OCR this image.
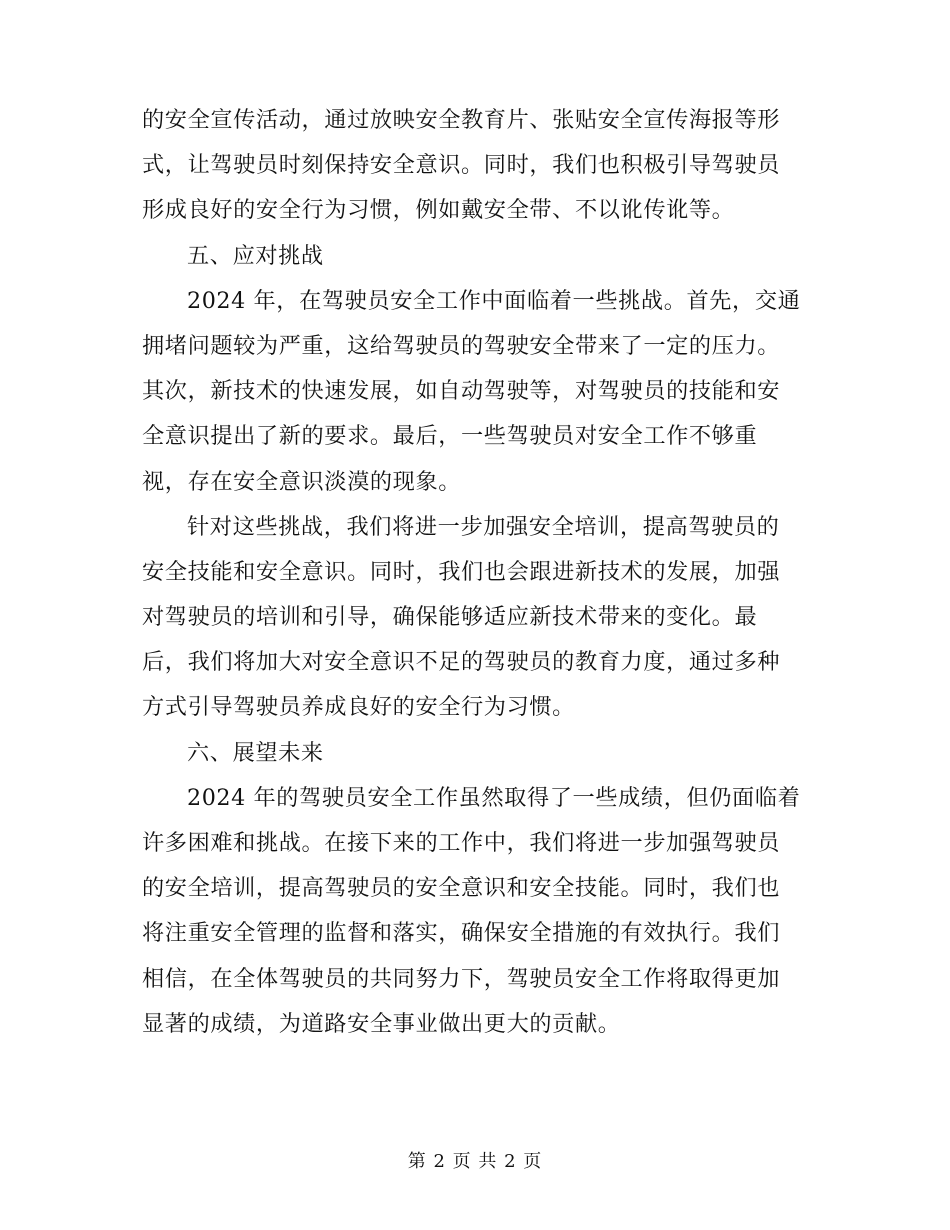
的安全宣传活动，通过放映安全教育片、张贴安全宣传海报等形
式，让驾驶员时刻保持安全意识。同时，我们也积极引导驾驶员
形成良好的安全行为习惯，例如戴安全带、不以讹传讹等。
五、应对挑战
2024 年，在驾驶员安全工作中面临着一些挑战。首先，交通
拥堵问题较为严重，这给驾驶员的驾驶安全带来了一定的压力。
其次，新技术的快速发展，如自动驾驶等，对驾驶员的技能和安
全意识提出了新的要求。最后，一些驾驶员对安全工作不够重
视，存在安全意识淡漠的现象。
针对这些挑战，我们将进一步加强安全培训，提高驾驶员的
安全技能和安全意识。同时，我们也会跟进新技术的发展，加强
对驾驶员的培训和引导，确保能够适应新技术带来的变化。最
后，我们将加大对安全意识不足的驾驶员的教育力度，通过多种
方式引导驾驶员养成良好的安全行为习惯。
六、展望未来
2024 年的驾驶员安全工作虽然取得了一些成绩，但仍面临着
许多困难和挑战。在接下来的工作中，我们将进一步加强驾驶员
的安全培训，提高驾驶员的安全意识和安全技能。同时，我们也
将注重安全管理的监督和落实，确保安全措施的有效执行。我们
相信，在全体驾驶员的共同努力下，驾驶员安全工作将取得更加
显著的成绩，为道路安全事业做出更大的贡献。
第 2 页 共 2 页
